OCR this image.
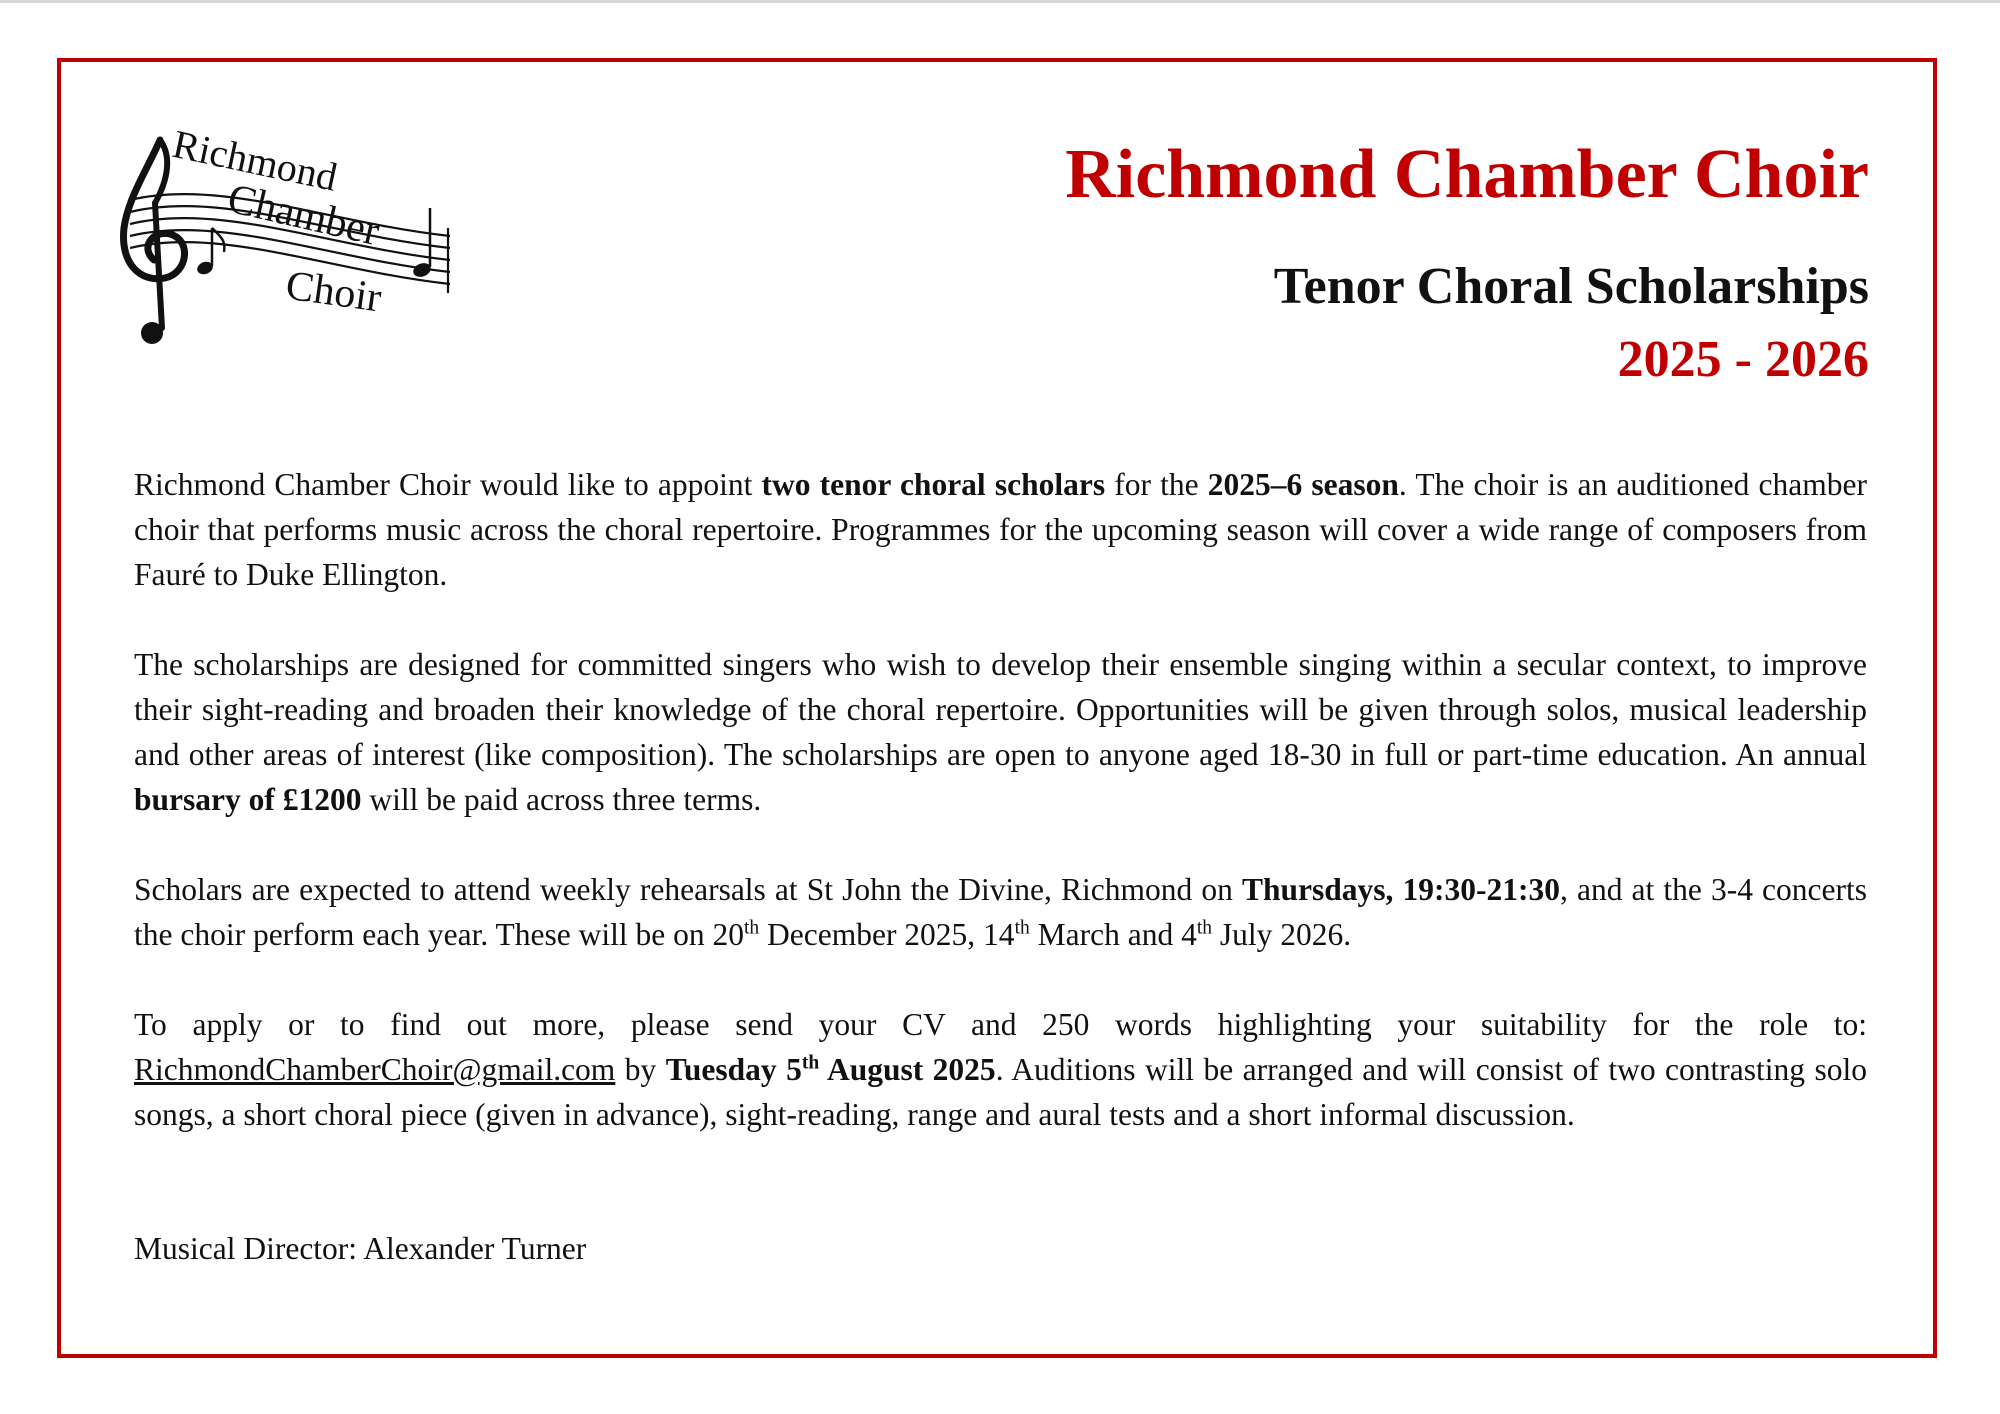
Richmond
Chamber
Choir
Richmond Chamber Choir
Tenor Choral Scholarships
2025 - 2026

Richmond Chamber Choir would like to appoint two tenor choral scholars for the 2025–6 season. The choir is an auditioned chamber choir that performs music across the choral repertoire. Programmes for the upcoming season will cover a wide range of composers from Fauré to Duke Ellington.

The scholarships are designed for committed singers who wish to develop their ensemble singing within a secular context, to improve their sight-reading and broaden their knowledge of the choral repertoire. Opportunities will be given through solos, musical leadership and other areas of interest (like composition). The scholarships are open to anyone aged 18-30 in full or part-time education. An annual bursary of £1200 will be paid across three terms.

Scholars are expected to attend weekly rehearsals at St John the Divine, Richmond on Thursdays, 19:30-21:30, and at the 3-4 concerts the choir perform each year. These will be on 20th December 2025, 14th March and 4th July 2026.

To apply or to find out more, please send your CV and 250 words highlighting your suitability for the role to: RichmondChamberChoir@gmail.com by Tuesday 5th August 2025. Auditions will be arranged and will consist of two contrasting solo songs, a short choral piece (given in advance), sight-reading, range and aural tests and a short informal discussion.

Musical Director: Alexander Turner
